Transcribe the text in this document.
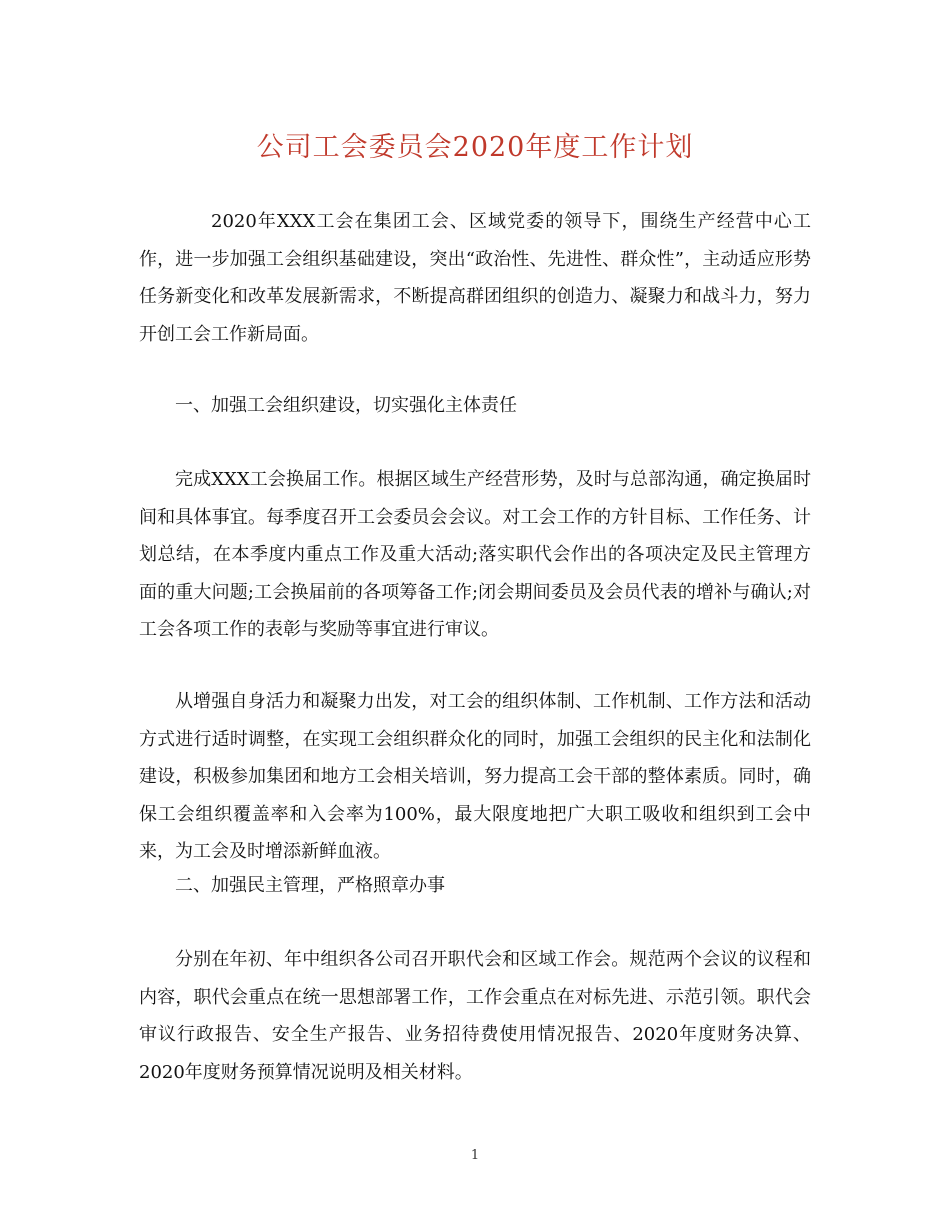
公司工会委员会2020年度工作计划

2020年XXX工会在集团工会、区域党委的领导下，围绕生产经营中心工作，进一步加强工会组织基础建设，突出“政治性、先进性、群众性”，主动适应形势任务新变化和改革发展新需求，不断提高群团组织的创造力、凝聚力和战斗力，努力开创工会工作新局面。

一、加强工会组织建设，切实强化主体责任

完成XXX工会换届工作。根据区域生产经营形势，及时与总部沟通，确定换届时间和具体事宜。每季度召开工会委员会会议。对工会工作的方针目标、工作任务、计划总结，在本季度内重点工作及重大活动;落实职代会作出的各项决定及民主管理方面的重大问题;工会换届前的各项筹备工作;闭会期间委员及会员代表的增补与确认;对工会各项工作的表彰与奖励等事宜进行审议。

从增强自身活力和凝聚力出发，对工会的组织体制、工作机制、工作方法和活动方式进行适时调整，在实现工会组织群众化的同时，加强工会组织的民主化和法制化建设，积极参加集团和地方工会相关培训，努力提高工会干部的整体素质。同时，确保工会组织覆盖率和入会率为100%，最大限度地把广大职工吸收和组织到工会中来，为工会及时增添新鲜血液。

二、加强民主管理，严格照章办事

分别在年初、年中组织各公司召开职代会和区域工作会。规范两个会议的议程和内容，职代会重点在统一思想部署工作，工作会重点在对标先进、示范引领。职代会审议行政报告、安全生产报告、业务招待费使用情况报告、2020年度财务决算、2020年度财务预算情况说明及相关材料。

1
